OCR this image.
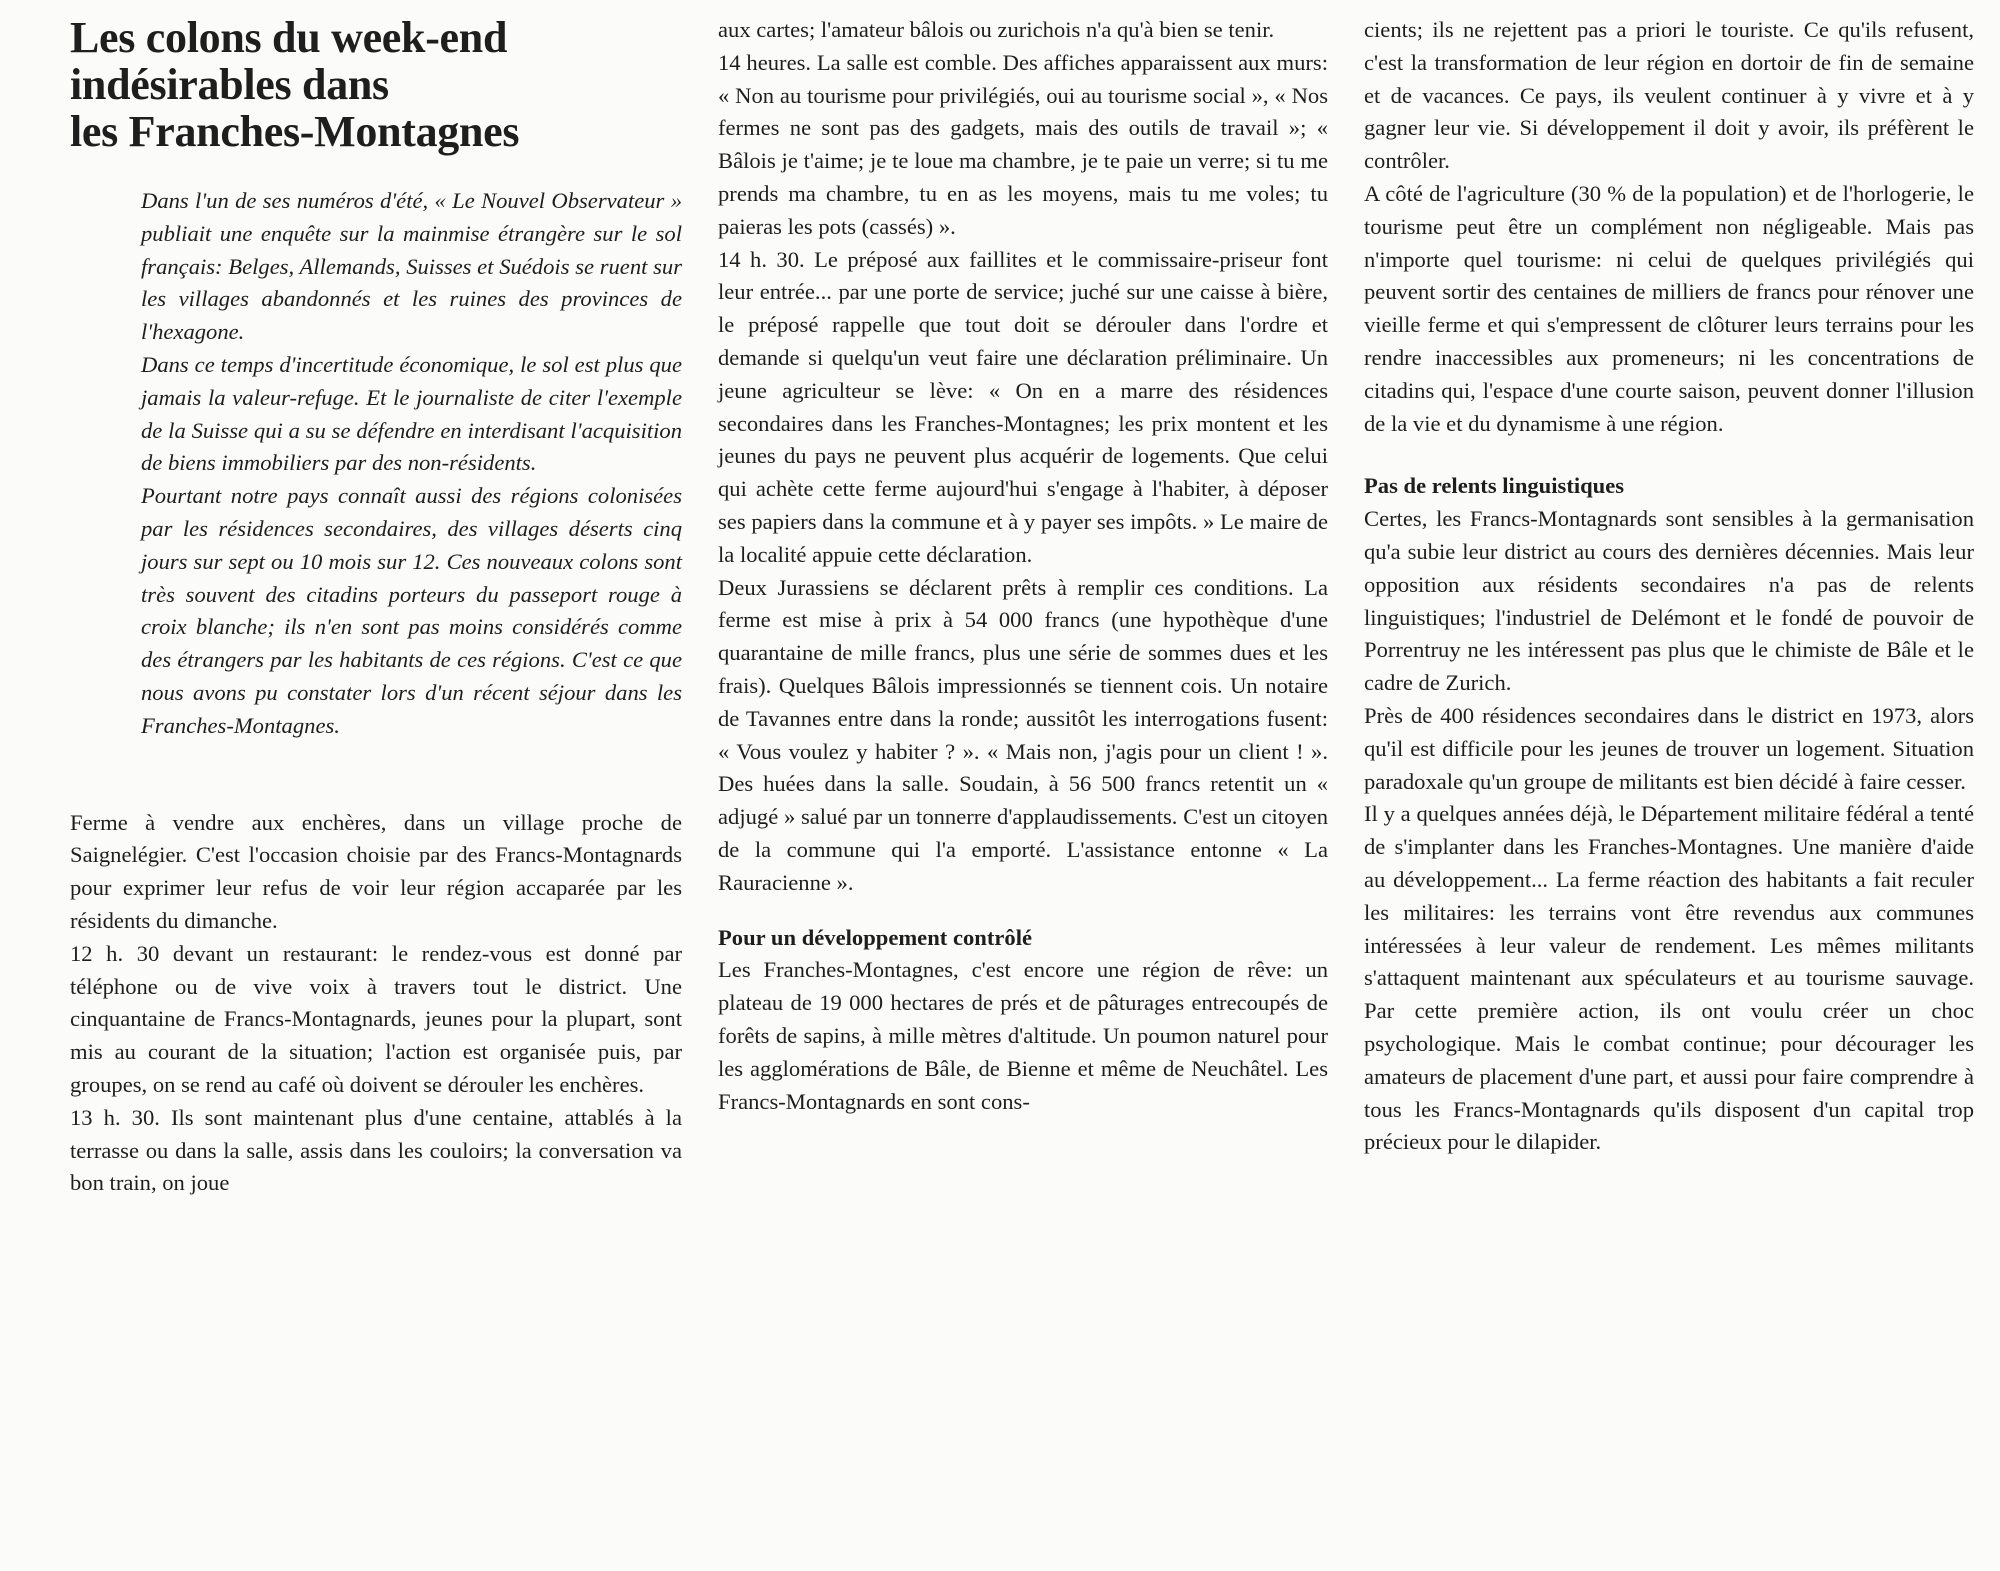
Les colons du week-end
indésirables dans
les Franches-Montagnes

Dans l'un de ses numéros d'été, « Le Nouvel Observateur » publiait une enquête sur la mainmise étrangère sur le sol français: Belges, Allemands, Suisses et Suédois se ruent sur les villages abandonnés et les ruines des provinces de l'hexagone.

Dans ce temps d'incertitude économique, le sol est plus que jamais la valeur-refuge. Et le journaliste de citer l'exemple de la Suisse qui a su se défendre en interdisant l'acquisition de biens immobiliers par des non-résidents.

Pourtant notre pays connaît aussi des régions colonisées par les résidences secondaires, des villages déserts cinq jours sur sept ou 10 mois sur 12. Ces nouveaux colons sont très souvent des citadins porteurs du passeport rouge à croix blanche; ils n'en sont pas moins considérés comme des étrangers par les habitants de ces régions. C'est ce que nous avons pu constater lors d'un récent séjour dans les Franches-Montagnes.

Ferme à vendre aux enchères, dans un village proche de Saignelégier. C'est l'occasion choisie par des Francs-Montagnards pour exprimer leur refus de voir leur région accaparée par les résidents du dimanche.

12 h. 30 devant un restaurant: le rendez-vous est donné par téléphone ou de vive voix à travers tout le district. Une cinquantaine de Francs-Montagnards, jeunes pour la plupart, sont mis au courant de la situation; l'action est organisée puis, par groupes, on se rend au café où doivent se dérouler les enchères.

13 h. 30. Ils sont maintenant plus d'une centaine, attablés à la terrasse ou dans la salle, assis dans les couloirs; la conversation va bon train, on joue

aux cartes; l'amateur bâlois ou zurichois n'a qu'à bien se tenir.

14 heures. La salle est comble. Des affiches apparaissent aux murs: « Non au tourisme pour privilégiés, oui au tourisme social », « Nos fermes ne sont pas des gadgets, mais des outils de travail »; « Bâlois je t'aime; je te loue ma chambre, je te paie un verre; si tu me prends ma chambre, tu en as les moyens, mais tu me voles; tu paieras les pots (cassés) ».

14 h. 30. Le préposé aux faillites et le commissaire-priseur font leur entrée... par une porte de service; juché sur une caisse à bière, le préposé rappelle que tout doit se dérouler dans l'ordre et demande si quelqu'un veut faire une déclaration préliminaire. Un jeune agriculteur se lève: « On en a marre des résidences secondaires dans les Franches-Montagnes; les prix montent et les jeunes du pays ne peuvent plus acquérir de logements. Que celui qui achète cette ferme aujourd'hui s'engage à l'habiter, à déposer ses papiers dans la commune et à y payer ses impôts. » Le maire de la localité appuie cette déclaration.

Deux Jurassiens se déclarent prêts à remplir ces conditions. La ferme est mise à prix à 54 000 francs (une hypothèque d'une quarantaine de mille francs, plus une série de sommes dues et les frais). Quelques Bâlois impressionnés se tiennent cois. Un notaire de Tavannes entre dans la ronde; aussitôt les interrogations fusent: « Vous voulez y habiter ? ». « Mais non, j'agis pour un client ! ». Des huées dans la salle. Soudain, à 56 500 francs retentit un « adjugé » salué par un tonnerre d'applaudissements. C'est un citoyen de la commune qui l'a emporté. L'assistance entonne « La Rauracienne ».

Pour un développement contrôlé

Les Franches-Montagnes, c'est encore une région de rêve: un plateau de 19 000 hectares de prés et de pâturages entrecoupés de forêts de sapins, à mille mètres d'altitude. Un poumon naturel pour les agglomérations de Bâle, de Bienne et même de Neuchâtel. Les Francs-Montagnards en sont cons-

cients; ils ne rejettent pas a priori le touriste. Ce qu'ils refusent, c'est la transformation de leur région en dortoir de fin de semaine et de vacances. Ce pays, ils veulent continuer à y vivre et à y gagner leur vie. Si développement il doit y avoir, ils préfèrent le contrôler.

A côté de l'agriculture (30 % de la population) et de l'horlogerie, le tourisme peut être un complément non négligeable. Mais pas n'importe quel tourisme: ni celui de quelques privilégiés qui peuvent sortir des centaines de milliers de francs pour rénover une vieille ferme et qui s'empressent de clôturer leurs terrains pour les rendre inaccessibles aux promeneurs; ni les concentrations de citadins qui, l'espace d'une courte saison, peuvent donner l'illusion de la vie et du dynamisme à une région.

Pas de relents linguistiques

Certes, les Francs-Montagnards sont sensibles à la germanisation qu'a subie leur district au cours des dernières décennies. Mais leur opposition aux résidents secondaires n'a pas de relents linguistiques; l'industriel de Delémont et le fondé de pouvoir de Porrentruy ne les intéressent pas plus que le chimiste de Bâle et le cadre de Zurich.

Près de 400 résidences secondaires dans le district en 1973, alors qu'il est difficile pour les jeunes de trouver un logement. Situation paradoxale qu'un groupe de militants est bien décidé à faire cesser.

Il y a quelques années déjà, le Département militaire fédéral a tenté de s'implanter dans les Franches-Montagnes. Une manière d'aide au développement... La ferme réaction des habitants a fait reculer les militaires: les terrains vont être revendus aux communes intéressées à leur valeur de rendement. Les mêmes militants s'attaquent maintenant aux spéculateurs et au tourisme sauvage. Par cette première action, ils ont voulu créer un choc psychologique. Mais le combat continue; pour décourager les amateurs de placement d'une part, et aussi pour faire comprendre à tous les Francs-Montagnards qu'ils disposent d'un capital trop précieux pour le dilapider.
